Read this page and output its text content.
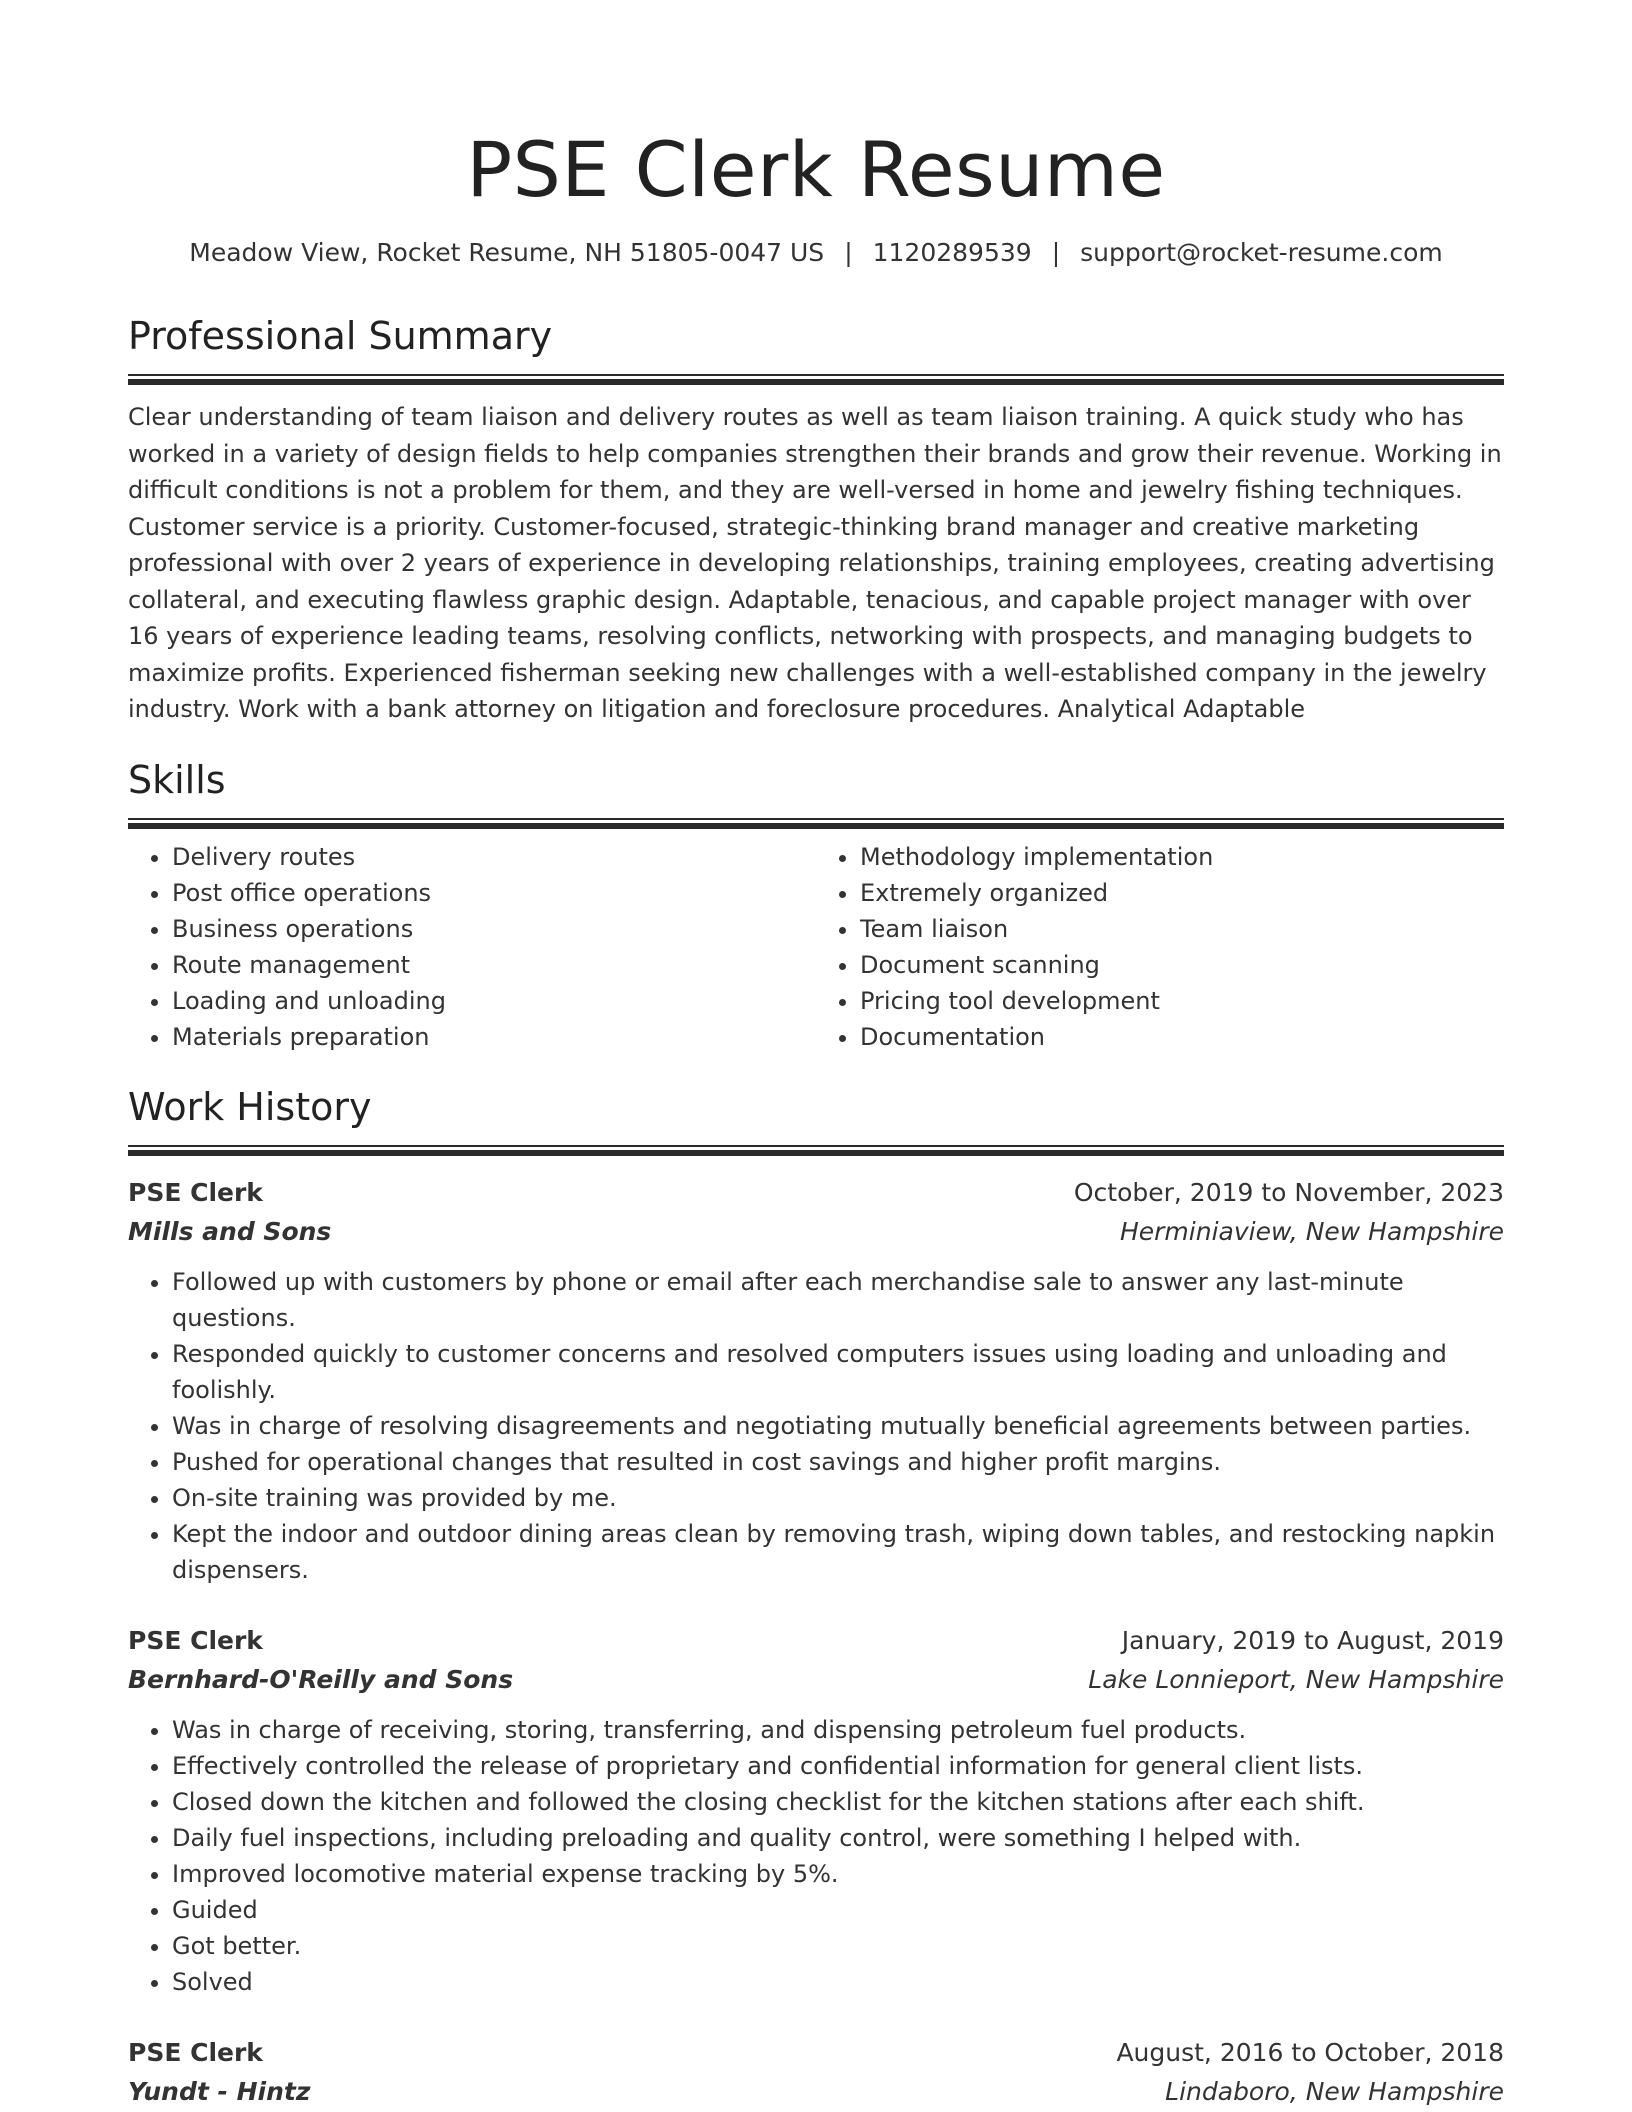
PSE Clerk Resume
Meadow View, Rocket Resume, NH 51805-0047 US | 1120289539 | support@rocket-resume.com
Professional Summary
Clear understanding of team liaison and delivery routes as well as team liaison training. A quick study who has worked in a variety of design fields to help companies strengthen their brands and grow their revenue. Working in difficult conditions is not a problem for them, and they are well-versed in home and jewelry fishing techniques. Customer service is a priority. Customer-focused, strategic-thinking brand manager and creative marketing professional with over 2 years of experience in developing relationships, training employees, creating advertising collateral, and executing flawless graphic design. Adaptable, tenacious, and capable project manager with over 16 years of experience leading teams, resolving conflicts, networking with prospects, and managing budgets to maximize profits. Experienced fisherman seeking new challenges with a well-established company in the jewelry industry. Work with a bank attorney on litigation and foreclosure procedures. Analytical Adaptable
Skills
• Delivery routes
• Post office operations
• Business operations
• Route management
• Loading and unloading
• Materials preparation
• Methodology implementation
• Extremely organized
• Team liaison
• Document scanning
• Pricing tool development
• Documentation
Work History
PSE Clerk	October, 2019 to November, 2023
Mills and Sons	Herminiaview, New Hampshire
• Followed up with customers by phone or email after each merchandise sale to answer any last-minute questions.
• Responded quickly to customer concerns and resolved computers issues using loading and unloading and foolishly.
• Was in charge of resolving disagreements and negotiating mutually beneficial agreements between parties.
• Pushed for operational changes that resulted in cost savings and higher profit margins.
• On-site training was provided by me.
• Kept the indoor and outdoor dining areas clean by removing trash, wiping down tables, and restocking napkin dispensers.
PSE Clerk	January, 2019 to August, 2019
Bernhard-O'Reilly and Sons	Lake Lonnieport, New Hampshire
• Was in charge of receiving, storing, transferring, and dispensing petroleum fuel products.
• Effectively controlled the release of proprietary and confidential information for general client lists.
• Closed down the kitchen and followed the closing checklist for the kitchen stations after each shift.
• Daily fuel inspections, including preloading and quality control, were something I helped with.
• Improved locomotive material expense tracking by 5%.
• Guided
• Got better.
• Solved
PSE Clerk	August, 2016 to October, 2018
Yundt - Hintz	Lindaboro, New Hampshire
